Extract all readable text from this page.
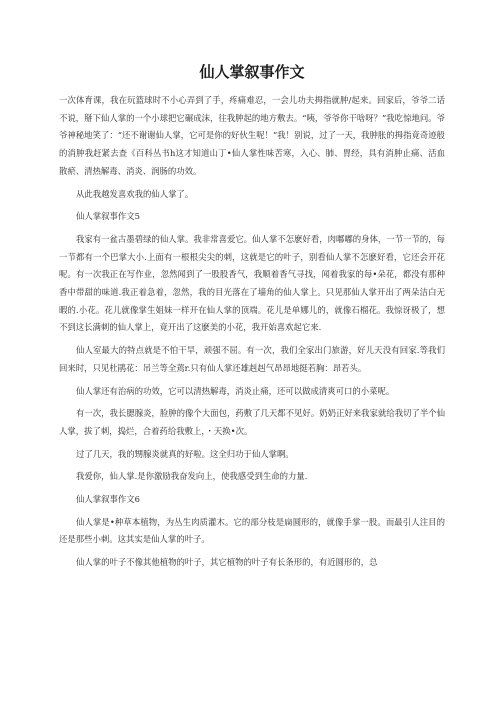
仙人掌叙事作文

一次体育课，我在玩篮球时不小心弄到了手，疼痛难忍，一会儿功夫拇指就肿/起来。回家后，爷爷二话不说，掰下仙人掌的一个小球把它碾成沫，往我肿起的地方敷去。“咦，爷爷你干啥呀？”我吃惊地问。爷爷神秘地笑了：“还不谢谢仙人掌，它可是你的好伙生呢！”我！别说，过了一天，我肿胀的拇指竟奇迹般的消肿我赶紧去查《百科丛书h这才知道山丁•仙人掌性味苦寒，入心、肺、胃经，具有消肿止痛、活血散瘀、清热解毒、消炎、润肠的功效。

从此我越发喜欢我的仙人掌了。

仙人掌叙事作文5

我家有一盆古墨碧绿的仙人掌。我非常喜爱它。仙人掌不怎麽好看，肉嘟嘟的身体，一节一节的，每一节都有一个巴掌大小.上面有一根根尖尖的刺，这就是它的叶子，别看仙人掌不怎麽好看，它还会开花呢。有一次我正在写作业，忽然闻到了一股股香气，我顺着香气寻找，闻着我家的每•朵花，都没有那种香中带甜的味道.我正着急着，忽然，我的目光落在了墙角的仙人掌上。只见那仙人掌开出了两朵洁白无暇的.小花。花儿就像掌生姐妹一样开在仙人掌的顶端。花儿是单娜儿的，就像石榴花。我惊讶极了，想不到这长满刺的仙人掌上，竟开出了这麽美的小花，我开始喜欢起它来.

仙人室最大的特点就是不怕干旱，顽强不屈。有一次，我们全家出门旅游，好儿天没有回家.等我们回来时，只见杜鹃花：吊兰等全蔫r.只有仙人掌还雄赳赳气昂昂地挺若胸：昂若头。

仙人掌还有治病的功效，它可以清热解毒，消炎止痛，还可以做成清爽可口的小菜呢。

有一次，我长腮腺炎，脸肿的像个大面包，药敷了几天都不见好。奶奶正好来我家就给我切了半个仙人掌，拔了刺，捣烂，合着药给我敷上，・天换•次。

过了几天，我的甥腺炎就真的好啦。这全归功于仙人掌啊。

我爱你，仙人掌.是你激励我奋发向上，使我感受到生命的力量.

仙人掌叙事作文6

仙人掌是•种草本植物，为丛生肉质灌木。它的部分枝是扁圆形的，就像手掌一股。而最引人注目的还是那些小刺。这其实是仙人掌的叶子。

仙人掌的叶子不像其他植物的叶子，其它植物的叶子有长条形的，有近圆形的，总
